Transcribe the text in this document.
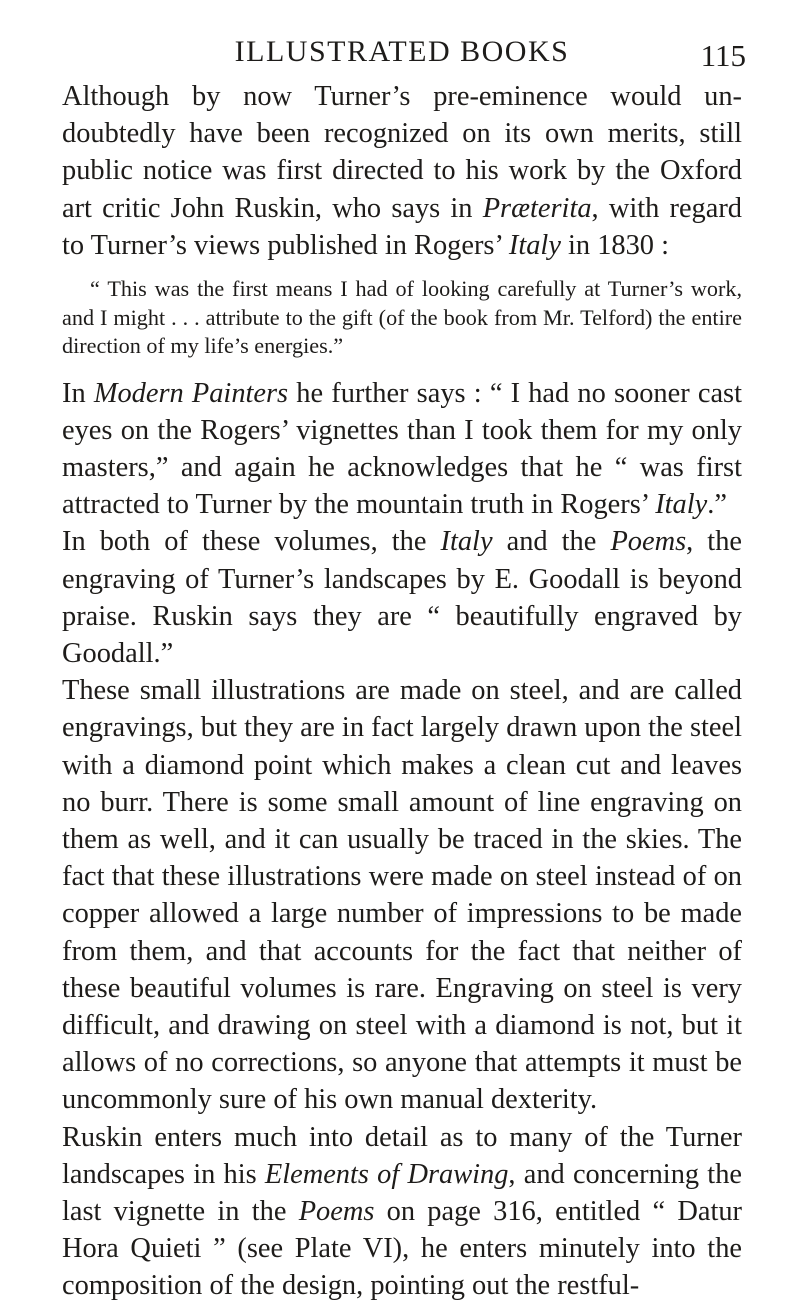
ILLUSTRATED BOOKS	115

Although by now Turner’s pre-eminence would un-doubtedly have been recognized on its own merits, still public notice was first directed to his work by the Oxford art critic John Ruskin, who says in Præterita, with regard to Turner’s views published in Rogers’ Italy in 1830 :

“ This was the first means I had of looking carefully at Turner’s work, and I might . . . attribute to the gift (of the book from Mr. Telford) the entire direction of my life’s energies.”

In Modern Painters he further says : “ I had no sooner cast eyes on the Rogers’ vignettes than I took them for my only masters,” and again he acknowledges that he “ was first attracted to Turner by the mountain truth in Rogers’ Italy.”

In both of these volumes, the Italy and the Poems, the engraving of Turner’s landscapes by E. Goodall is beyond praise. Ruskin says they are “ beautifully engraved by Goodall.”

These small illustrations are made on steel, and are called engravings, but they are in fact largely drawn upon the steel with a diamond point which makes a clean cut and leaves no burr. There is some small amount of line engraving on them as well, and it can usually be traced in the skies. The fact that these illustrations were made on steel instead of on copper allowed a large number of impressions to be made from them, and that accounts for the fact that neither of these beautiful volumes is rare. Engraving on steel is very difficult, and drawing on steel with a diamond is not, but it allows of no corrections, so anyone that attempts it must be uncommonly sure of his own manual dexterity.

Ruskin enters much into detail as to many of the Turner landscapes in his Elements of Drawing, and concerning the last vignette in the Poems on page 316, entitled “ Datur Hora Quieti ” (see Plate VI), he enters minutely into the composition of the design, pointing out the restful-
